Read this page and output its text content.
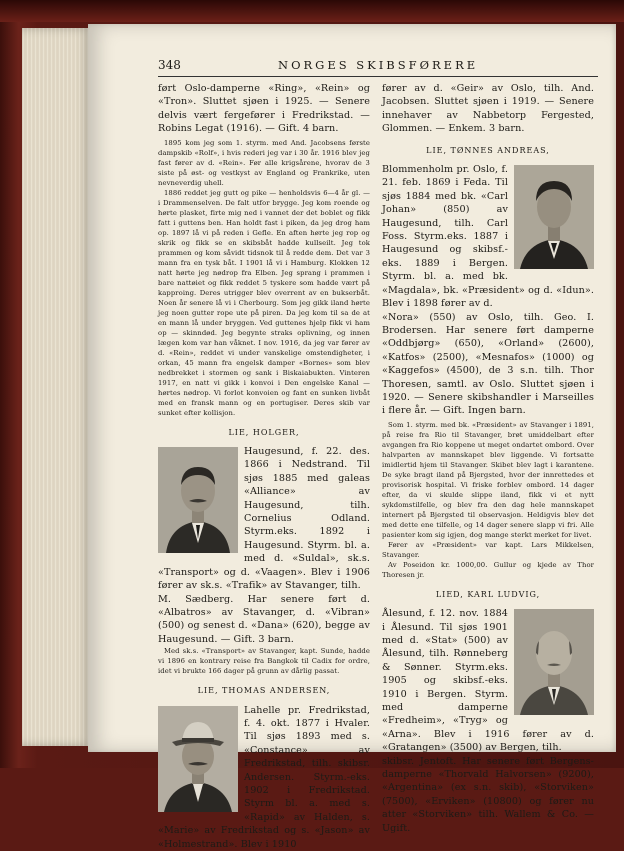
348	NORGES SKIBSFØRERE

ført Oslo-damperne «Ring», «Rein» og «Tron». Sluttet sjøen i 1925. — Senere delvis vært fergefører i Fredrikstad. — Robins Legat (1916). — Gift. 4 barn.

1895 kom jeg som 1. styrm. med And. Jacobsens første dampskib «Rolf», i hvis rederi jeg var i 30 år. 1916 blev jeg fast fører av d. «Rein». Før alle krigsårene, hvorav de 3 siste på øst- og vestkyst av England og Frankrike, uten nevneverdig uhell.

1886 reddet jeg gutt og pike — henholdsvis 6—4 år gl. — i Drammenselven. De falt utfor brygge. Jeg kom roende og hørte plasket, firte mig ned i vannet der det boblet og fikk fatt i guttens ben. Han holdt fast i piken, da jeg drog ham op. 1897 lå vi på reden i Gefle. En aften hørte jeg rop og skrik og fikk se en skibsbåt hadde kullseilt. Jeg tok prammen og kom såvidt tidsnok til å redde dem. Det var 3 mann fra en tysk båt. I 1901 lå vi i Hamburg. Klokken 12 natt hørte jeg nødrop fra Elben. Jeg sprang i prammen i bare nattøiet og fikk reddet 5 tyskere som hadde vært på kapproing. Deres utrigger blev overrent av en bukserbåt. Noen år senere lå vi i Cherbourg. Som jeg gikk iland hørte jeg noen gutter rope ute på piren. Da jeg kom til sa de at en mann lå under bryggen. Ved guttenes hjelp fikk vi ham op — skinndød. Jeg begynte straks oplivning, og innen lægen kom var han våknet. I nov. 1916, da jeg var fører av d. «Rein», reddet vi under vanskelige omstendigheter, i orkan, 45 mann fra engelsk damper «Bornes» som blev nedbrekket i stormen og sank i Biskaiabukten. Vinteren 1917, en natt vi gikk i konvoi i Den engelske Kanal — hørtes nødrop. Vi forlot konvoien og fant en sunken livbåt med en fransk mann og en portugiser. Deres skib var sunket efter kollisjon.

LIE, HOLGER,

Haugesund, f. 22. des. 1866 i Nedstrand. Til sjøs 1885 med galeas «Alliance» av Haugesund, tilh. Cornelius Odland. Styrm.eks. 1892 i Haugesund. Styrm. bl. a. med d. «Suldal», sk.s. «Transport» og d. «Vaagen». Blev i 1906 fører av sk.s. «Trafik» av Stavanger, tilh.

M. Sædberg. Har senere ført d. «Albatros» av Stavanger, d. «Vibran» (500) og senest d. «Dana» (620), begge av Haugesund. — Gift. 3 barn.

Med sk.s. «Transport» av Stavanger, kapt. Sunde, hadde vi 1896 en kontrary reise fra Bangkok til Cadix for ordre, idet vi brukte 166 dager på grunn av dårlig passat.

LIE, THOMAS ANDERSEN,

Lahelle pr. Fredrikstad, f. 4. okt. 1877 i Hvaler. Til sjøs 1893 med s. «Constance» av Fredrikstad, tilh. skibsr. Andersen. Styrm.-eks. 1902 i Fredrikstad. Styrm bl. a. med s. «Rapid» av Halden, s. «Marie» av Fredrikstad og s. «Jason» av «Holmestrand». Blev i 1910

fører av d. «Geir» av Oslo, tilh. And. Jacobsen. Sluttet sjøen i 1919. — Senere innehaver av Nabbetorp Fergested, Glommen. — Enkem. 3 barn.

LIE, TØNNES ANDREAS,

Blommenholm pr. Oslo, f. 21. feb. 1869 i Feda. Til sjøs 1884 med bk. «Carl Johan» (850) av Haugesund, tilh. Carl Foss. Styrm.eks. 1887 i Haugesund og skibsf.-eks. 1889 i Bergen. Styrm. bl. a. med bk. «Magdala», bk. «Præsident» og d. «Idun». Blev i 1898 fører av d.

«Nora» (550) av Oslo, tilh. Geo. I. Brodersen. Har senere ført damperne «Oddbjørg» (650), «Orland» (2600), «Katfos» (2500), «Mesnafos» (1000) og «Kaggefos» (4500), de 3 s.n. tilh. Thor Thoresen, samtl. av Oslo. Sluttet sjøen i 1920. — Senere skibshandler i Marseilles i flere år. — Gift. Ingen barn.

Som 1. styrm. med bk. «Præsident» av Stavanger i 1891, på reise fra Rio til Stavanger, brøt umiddelbart efter avgangen fra Rio koppene ut meget ondartet ombord. Over halvparten av mannskapet blev liggende. Vi fortsatte imidlertid hjem til Stavanger. Skibet blev lagt i karantene. De syke bragt iland på Bjergsted, hvor der innrettedes et provisorisk hospital. Vi friske forblev ombord. 14 dager efter, da vi skulde slippe iland, fikk vi et nytt sykdomstilfelle, og blev fra den dag hele mannskapet internert på Bjergsted til observasjon. Heldigvis blev det med dette ene tilfelle, og 14 dager senere slapp vi fri. Alle pasienter kom sig igjen, dog mange sterkt merket for livet.

Fører av «Præsident» var kapt. Lars Mikkelsen, Stavanger.

Av Poseidon kr. 1000,00. Gullur og kjede av Thor Thoresen jr.

LIED, KARL LUDVIG,

Ålesund, f. 12. nov. 1884 i Ålesund. Til sjøs 1901 med d. «Stat» (500) av Ålesund, tilh. Rønneberg & Sønner. Styrm.eks. 1905 og skibsf.-eks. 1910 i Bergen. Styrm. med damperne «Fredheim», «Tryg» og «Arna». Blev i 1916 fører av d. «Gratangen» (3500) av Bergen, tilh.

skibsr. Jentoft. Har senere ført Bergens-damperne «Thorvald Halvorsen» (9200), «Argentina» (ex s.n. skib), «Storviken» (7500), «Erviken» (10800) og fører nu atter «Storviken» tilh. Wallem & Co. — Ugift.
